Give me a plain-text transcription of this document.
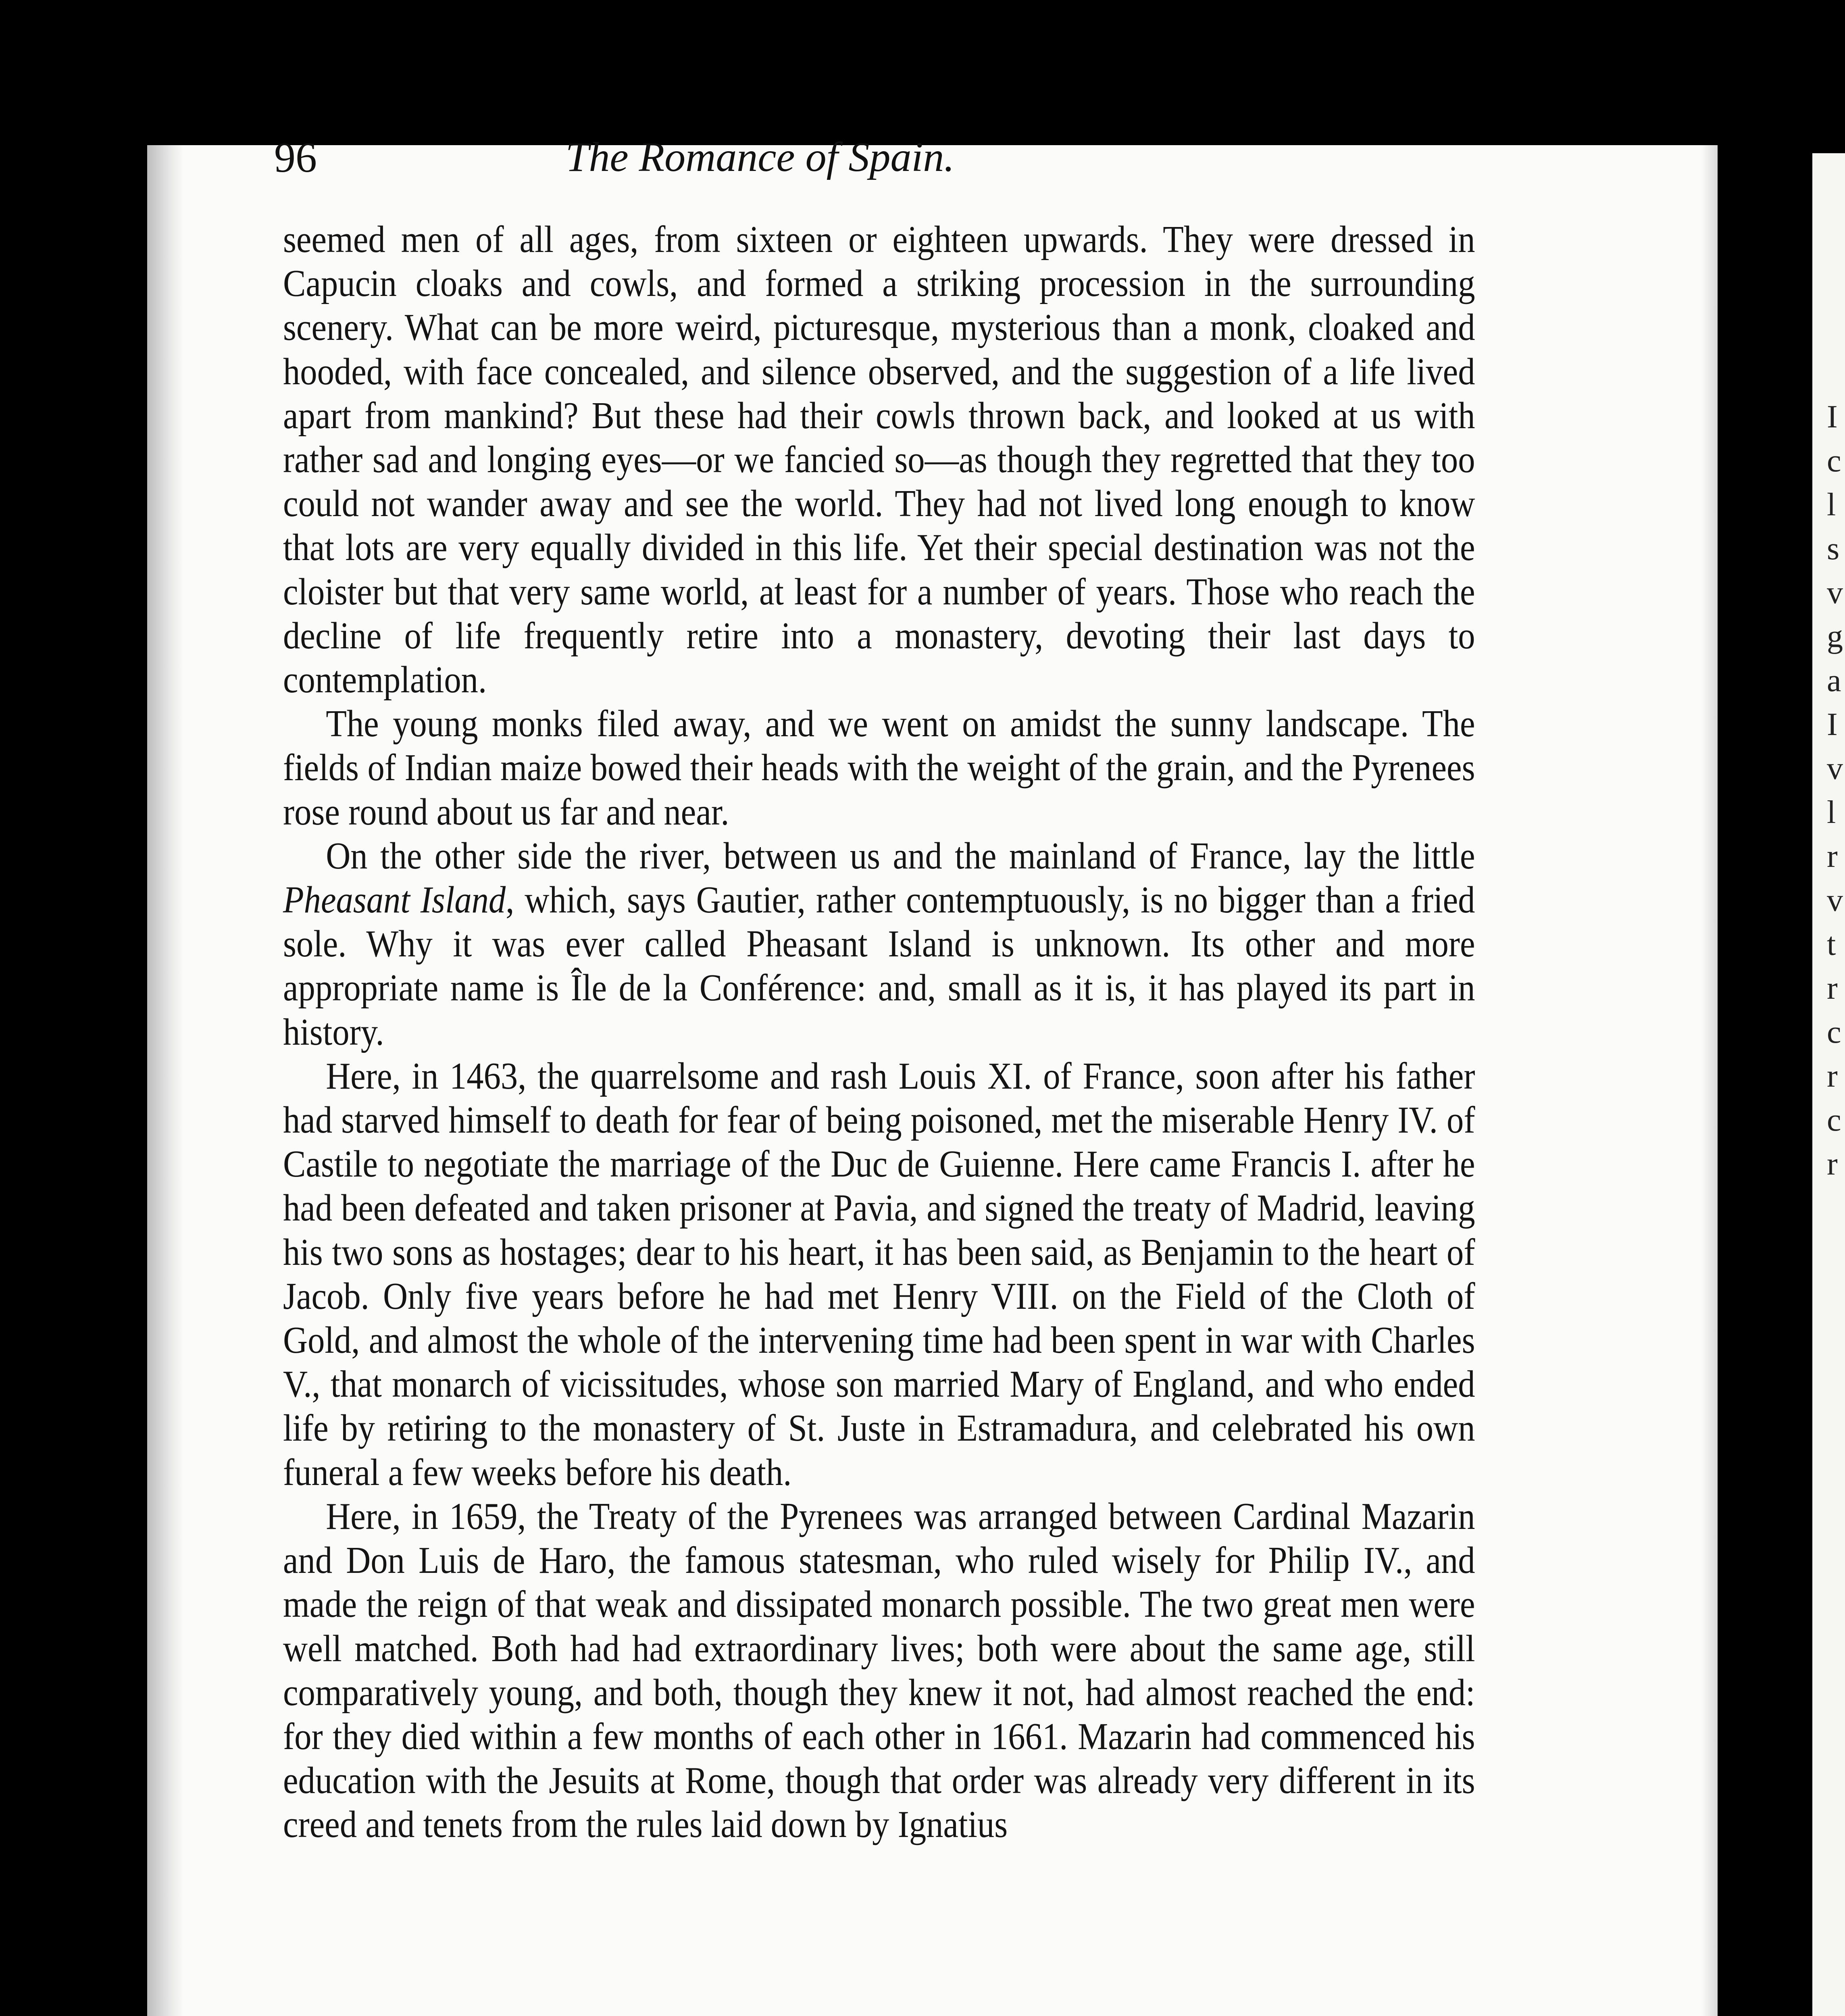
96	The Romance of Spain.

seemed men of all ages, from sixteen or eighteen upwards. They were dressed in Capucin cloaks and cowls, and formed a striking procession in the surrounding scenery. What can be more weird, picturesque, mysterious than a monk, cloaked and hooded, with face concealed, and silence observed, and the suggestion of a life lived apart from mankind? But these had their cowls thrown back, and looked at us with rather sad and longing eyes—or we fancied so—as though they regretted that they too could not wander away and see the world. They had not lived long enough to know that lots are very equally divided in this life. Yet their special destination was not the cloister but that very same world, at least for a number of years. Those who reach the decline of life frequently retire into a monastery, devoting their last days to contemplation.

The young monks filed away, and we went on amidst the sunny landscape. The fields of Indian maize bowed their heads with the weight of the grain, and the Pyrenees rose round about us far and near.

On the other side the river, between us and the mainland of France, lay the little Pheasant Island, which, says Gautier, rather contemptuously, is no bigger than a fried sole. Why it was ever called Pheasant Island is unknown. Its other and more appropriate name is Île de la Conférence: and, small as it is, it has played its part in history.

Here, in 1463, the quarrelsome and rash Louis XI. of France, soon after his father had starved himself to death for fear of being poisoned, met the miserable Henry IV. of Castile to negotiate the marriage of the Duc de Guienne. Here came Francis I. after he had been defeated and taken prisoner at Pavia, and signed the treaty of Madrid, leaving his two sons as hostages; dear to his heart, it has been said, as Benjamin to the heart of Jacob. Only five years before he had met Henry VIII. on the Field of the Cloth of Gold, and almost the whole of the intervening time had been spent in war with Charles V., that monarch of vicissitudes, whose son married Mary of England, and who ended life by retiring to the monastery of St. Juste in Estramadura, and celebrated his own funeral a few weeks before his death.

Here, in 1659, the Treaty of the Pyrenees was arranged between Cardinal Mazarin and Don Luis de Haro, the famous statesman, who ruled wisely for Philip IV., and made the reign of that weak and dissipated monarch possible. The two great men were well matched. Both had had extraordinary lives; both were about the same age, still comparatively young, and both, though they knew it not, had almost reached the end: for they died within a few months of each other in 1661. Mazarin had commenced his education with the Jesuits at Rome, though that order was already very different in its creed and tenets from the rules laid down by Ignatius

I
c
l
s
v
g
a
I
v
l
r
v
t
r
c
r
c
r
